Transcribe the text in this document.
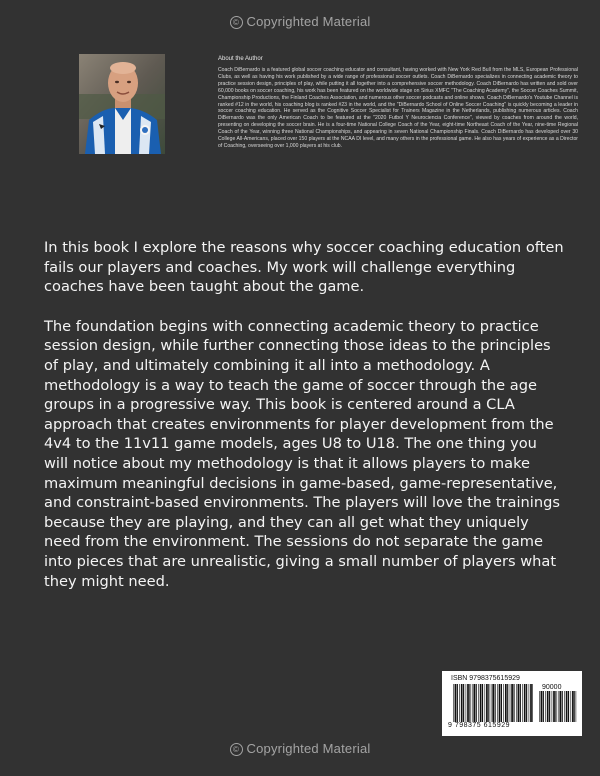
© Copyrighted Material
About the Author
Coach DiBernardo is a featured global soccer coaching educator and consultant, having worked with New York Red Bull from the MLS, European Professional Clubs, as well as having his work published by a wide range of professional soccer outlets. Coach DiBernardo specializes in connecting academic theory to practice session design, principles of play, while putting it all together into a comprehensive soccer methodology. Coach DiBernardo has written and sold over 60,000 books on soccer coaching, his work has been featured on the worldwide stage on Sirius XMFC "The Coaching Academy", the Soccer Coaches Summit, Championship Productions, the Finland Coaches Association, and numerous other soccer podcasts and online shows. Coach DiBernardo's Youtube Channel is ranked #12 in the world, his coaching blog is ranked #23 in the world, and the "DiBernardo School of Online Soccer Coaching" is quickly becoming a leader in soccer coaching education. He served as the Cognitive Soccer Specialist for Trainers Magazine in the Netherlands, publishing numerous articles. Coach DiBernardo was the only American Coach to be featured at the "2020 Futbol Y Neurociencia Conference", viewed by coaches from around the world, presenting on developing the soccer brain. He is a four-time National College Coach of the Year, eight-time Northeast Coach of the Year, nine-time Regional Coach of the Year, winning three National Championships, and appearing in seven National Championship Finals. Coach DiBernardo has developed over 30 College All-Americans, placed over 150 players at the NCAA DI level, and many others in the professional game. He also has years of experience as a Director of Coaching, overseeing over 1,000 players at his club.

In this book I explore the reasons why soccer coaching education often fails our players and coaches. My work will challenge everything coaches have been taught about the game.

The foundation begins with connecting academic theory to practice session design, while further connecting those ideas to the principles of play, and ultimately combining it all into a methodology. A methodology is a way to teach the game of soccer through the age groups in a progressive way. This book is centered around a CLA approach that creates environments for player development from the 4v4 to the 11v11 game models, ages U8 to U18. The one thing you will notice about my methodology is that it allows players to make maximum meaningful decisions in game-based, game-representative, and constraint-based environments. The players will love the trainings because they are playing, and they can all get what they uniquely need from the environment. The sessions do not separate the game into pieces that are unrealistic, giving a small number of players what they might need.

ISBN 9798375615929
90000
9 798375 615929
© Copyrighted Material
